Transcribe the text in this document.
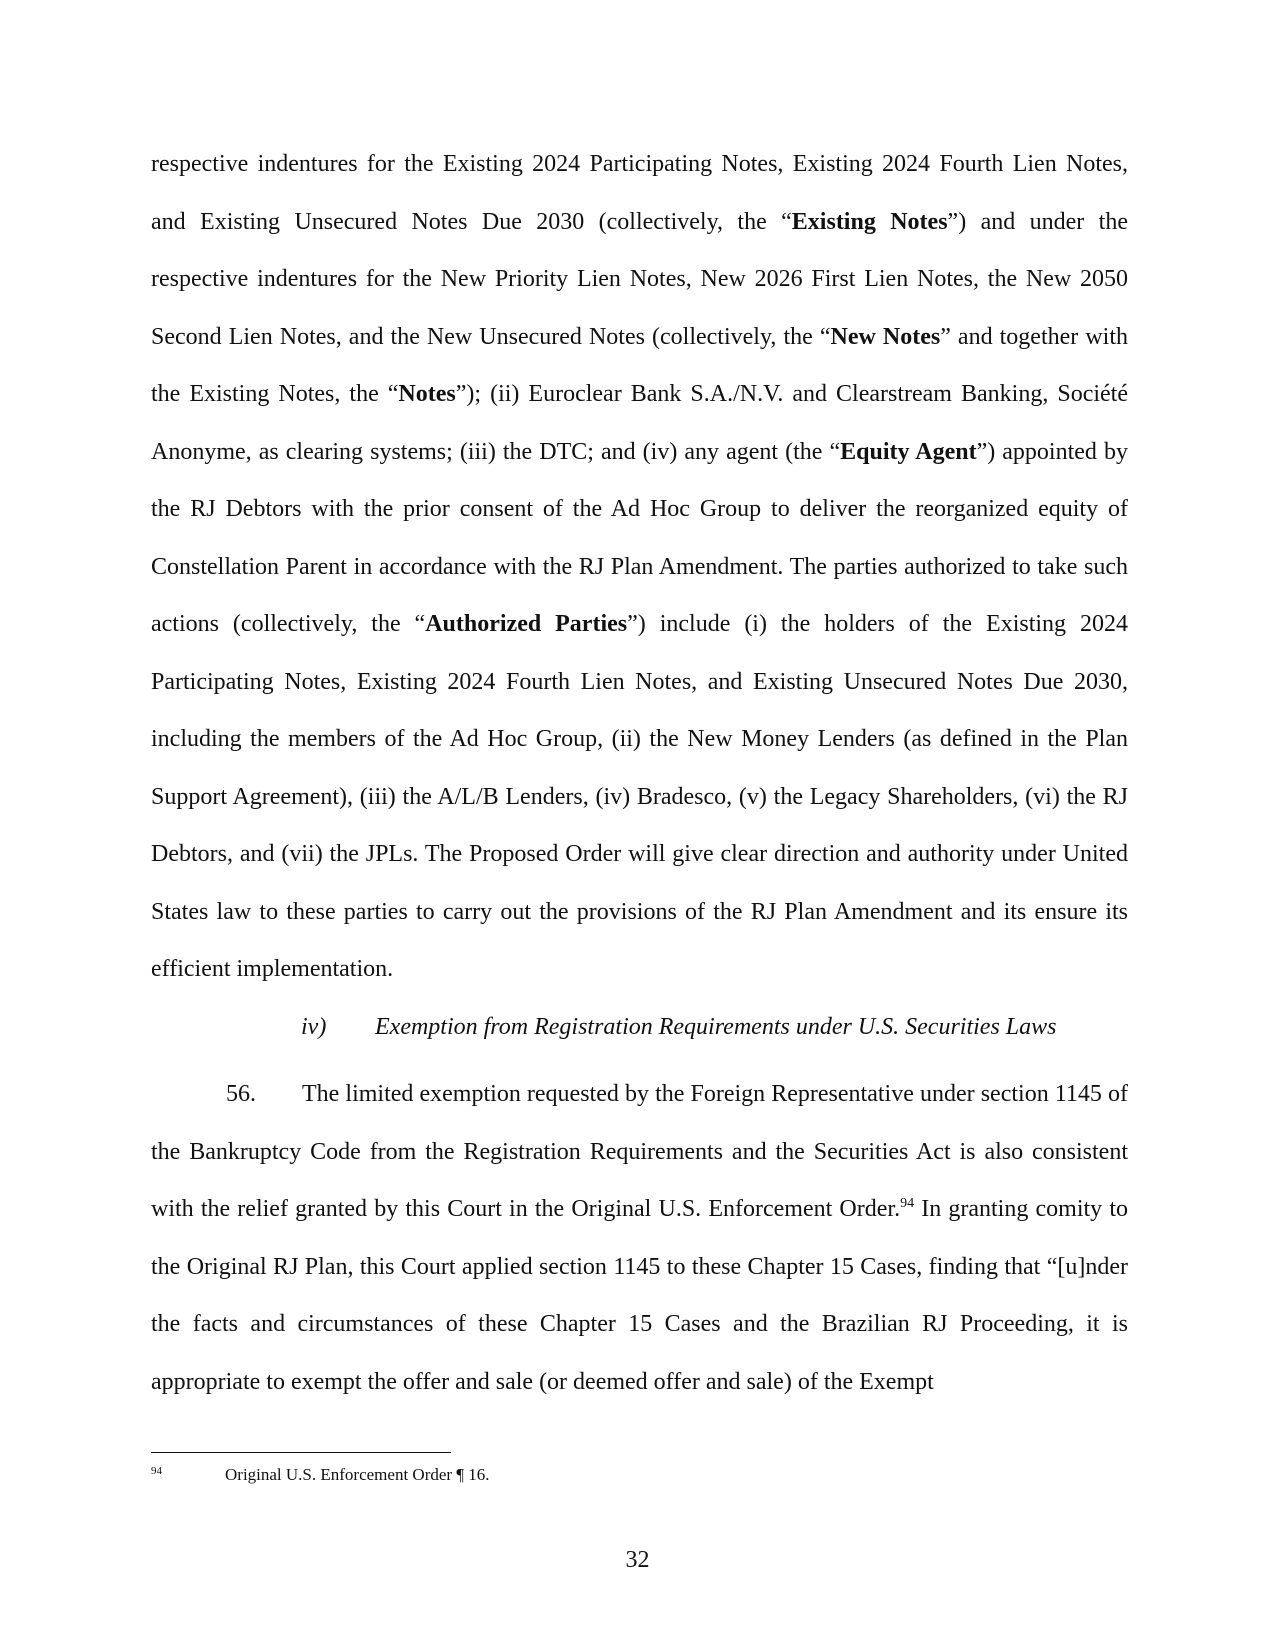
respective indentures for the Existing 2024 Participating Notes, Existing 2024 Fourth Lien Notes, and Existing Unsecured Notes Due 2030 (collectively, the “Existing Notes”) and under the respective indentures for the New Priority Lien Notes, New 2026 First Lien Notes, the New 2050 Second Lien Notes, and the New Unsecured Notes (collectively, the “New Notes” and together with the Existing Notes, the “Notes”); (ii) Euroclear Bank S.A./N.V. and Clearstream Banking, Société Anonyme, as clearing systems; (iii) the DTC; and (iv) any agent (the “Equity Agent”) appointed by the RJ Debtors with the prior consent of the Ad Hoc Group to deliver the reorganized equity of Constellation Parent in accordance with the RJ Plan Amendment. The parties authorized to take such actions (collectively, the “Authorized Parties”) include (i) the holders of the Existing 2024 Participating Notes, Existing 2024 Fourth Lien Notes, and Existing Unsecured Notes Due 2030, including the members of the Ad Hoc Group, (ii) the New Money Lenders (as defined in the Plan Support Agreement), (iii) the A/L/B Lenders, (iv) Bradesco, (v) the Legacy Shareholders, (vi) the RJ Debtors, and (vii) the JPLs. The Proposed Order will give clear direction and authority under United States law to these parties to carry out the provisions of the RJ Plan Amendment and its ensure its efficient implementation.

iv) Exemption from Registration Requirements under U.S. Securities Laws

56. The limited exemption requested by the Foreign Representative under section 1145 of the Bankruptcy Code from the Registration Requirements and the Securities Act is also consistent with the relief granted by this Court in the Original U.S. Enforcement Order.$^{94}$ In granting comity to the Original RJ Plan, this Court applied section 1145 to these Chapter 15 Cases, finding that “[u]nder the facts and circumstances of these Chapter 15 Cases and the Brazilian RJ Proceeding, it is appropriate to exempt the offer and sale (or deemed offer and sale) of the Exempt

94	Original U.S. Enforcement Order ¶ 16.
32
